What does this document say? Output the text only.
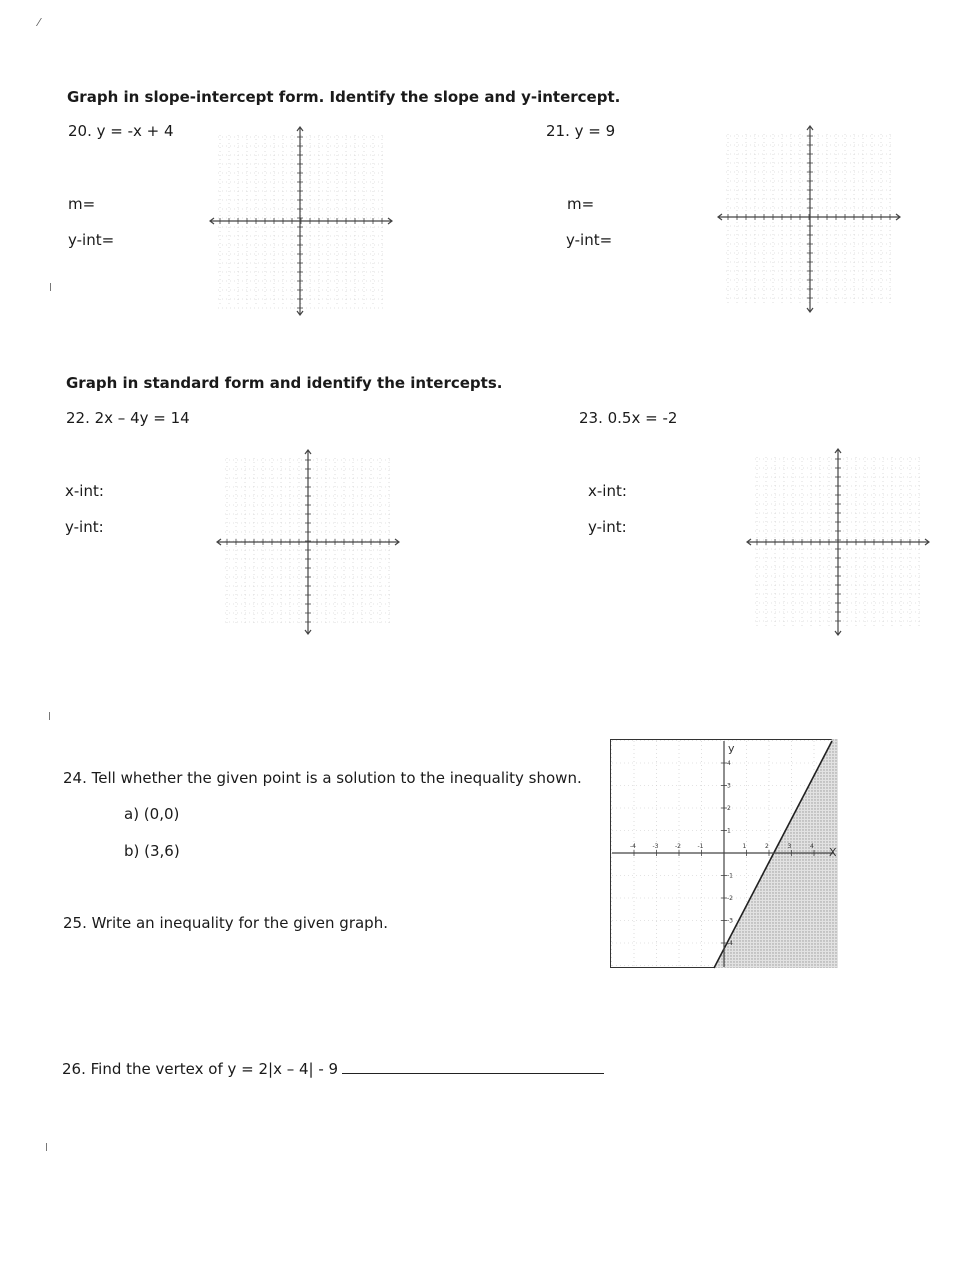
⁄
Graph in slope-intercept form. Identify the slope and y-intercept.
20. y = -x + 4
m=
y-int=
21. y = 9
m=
y-int=
Graph in standard form and identify the intercepts.
22. 2x – 4y = 14
x-int:
y-int:
23. 0.5x = -2
x-int:
y-int:
24. Tell whether the given point is a solution to the inequality shown.
a) (0,0)
b) (3,6)
25. Write an inequality for the given graph.
-4	-3	-2	-1	1	2	3	4
4
3
2
1
-1
-2
-3
-4
y
X
26. Find the vertex of y = 2|x – 4| - 9
